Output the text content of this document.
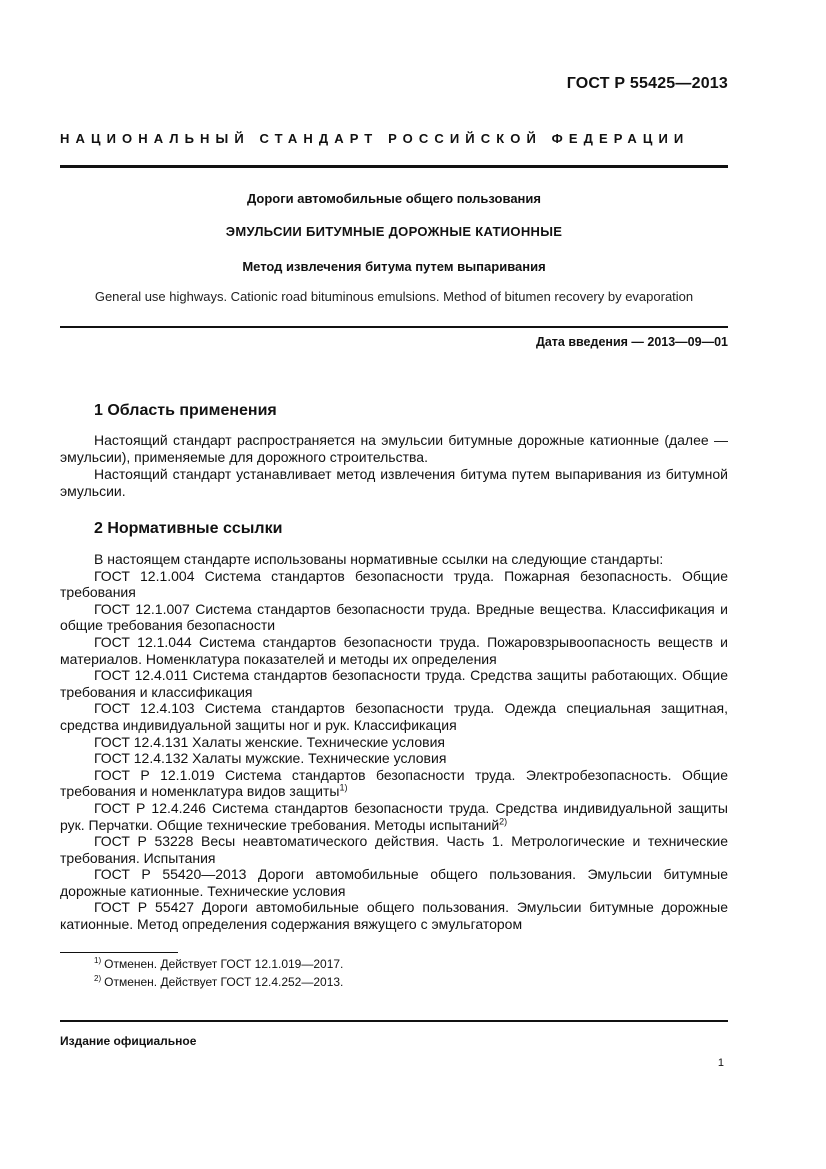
ГОСТ Р 55425—2013
НАЦИОНАЛЬНЫЙ СТАНДАРТ РОССИЙСКОЙ ФЕДЕРАЦИИ
Дороги автомобильные общего пользования
ЭМУЛЬСИИ БИТУМНЫЕ ДОРОЖНЫЕ КАТИОННЫЕ
Метод извлечения битума путем выпаривания
General use highways. Cationic road bituminous emulsions. Method of bitumen recovery by evaporation
Дата введения — 2013—09—01
1 Область применения

Настоящий стандарт распространяется на эмульсии битумные дорожные катионные (далее — эмульсии), применяемые для дорожного строительства.

Настоящий стандарт устанавливает метод извлечения битума путем выпаривания из битумной эмульсии.

2 Нормативные ссылки

В настоящем стандарте использованы нормативные ссылки на следующие стандарты:

ГОСТ 12.1.004 Система стандартов безопасности труда. Пожарная безопасность. Общие требования

ГОСТ 12.1.007 Система стандартов безопасности труда. Вредные вещества. Классификация и общие требования безопасности

ГОСТ 12.1.044 Система стандартов безопасности труда. Пожаровзрывоопасность веществ и материалов. Номенклатура показателей и методы их определения

ГОСТ 12.4.011 Система стандартов безопасности труда. Средства защиты работающих. Общие требования и классификация

ГОСТ 12.4.103 Система стандартов безопасности труда. Одежда специальная защитная, средства индивидуальной защиты ног и рук. Классификация

ГОСТ 12.4.131 Халаты женские. Технические условия

ГОСТ 12.4.132 Халаты мужские. Технические условия

ГОСТ Р 12.1.019 Система стандартов безопасности труда. Электробезопасность. Общие требования и номенклатура видов защиты$^{1)}$

ГОСТ Р 12.4.246 Система стандартов безопасности труда. Средства индивидуальной защиты рук. Перчатки. Общие технические требования. Методы испытаний$^{2)}$

ГОСТ Р 53228 Весы неавтоматического действия. Часть 1. Метрологические и технические требования. Испытания

ГОСТ Р 55420—2013 Дороги автомобильные общего пользования. Эмульсии битумные дорожные катионные. Технические условия

ГОСТ Р 55427 Дороги автомобильные общего пользования. Эмульсии битумные дорожные катионные. Метод определения содержания вяжущего с эмульгатором

$^{1)}$ Отменен. Действует ГОСТ 12.1.019—2017.
$^{2)}$ Отменен. Действует ГОСТ 12.4.252—2013.
Издание официальное
1
